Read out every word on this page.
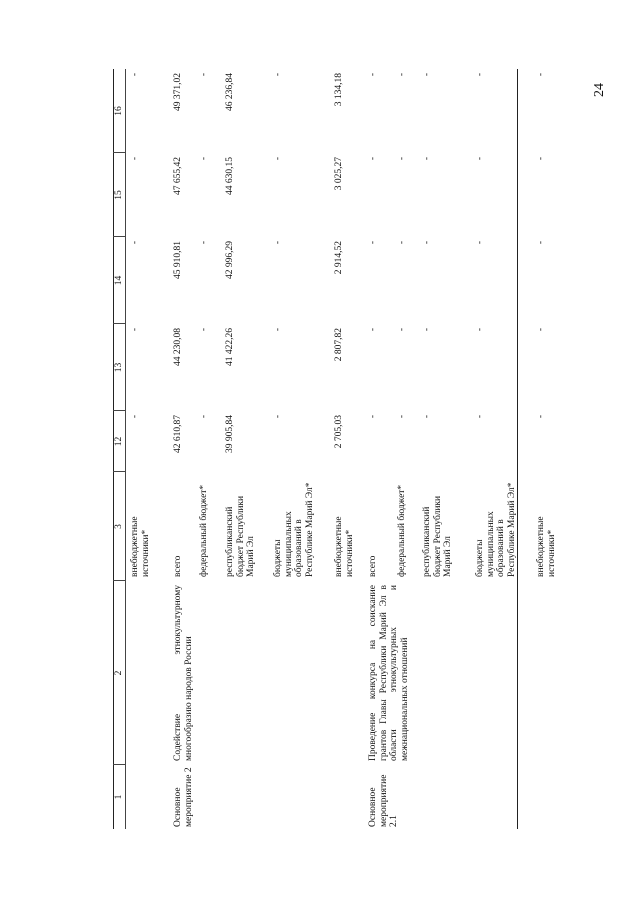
24
1
2
3
12
13
14
15
16
внебюджетные источники*
-
-
-
-
-
Основное мероприятие 2
Содействие этнокультурному многообразию народов России
всего
42 610,87
44 230,08
45 910,81
47 655,42
49 371,02
федеральный бюджет*
-
-
-
-
-
республиканский бюджет Республики Марий Эл
39 905,84
41 422,26
42 996,29
44 630,15
46 236,84
бюджеты муниципальных образований в Республике Марий Эл*
-
-
-
-
-
внебюджетные источники*
2 705,03
2 807,82
2 914,52
3 025,27
3 134,18
Основное мероприятие 2.1
Проведение конкурса на соискание грантов Главы Республики Марий Эл в области этнокультурных и межнациональных отношений
всего
-
-
-
-
-
федеральный бюджет*
-
-
-
-
-
республиканский бюджет Республики Марий Эл
-
-
-
-
-
бюджеты муниципальных образований в Республике Марий Эл*
-
-
-
-
-
внебюджетные источники*
-
-
-
-
-
